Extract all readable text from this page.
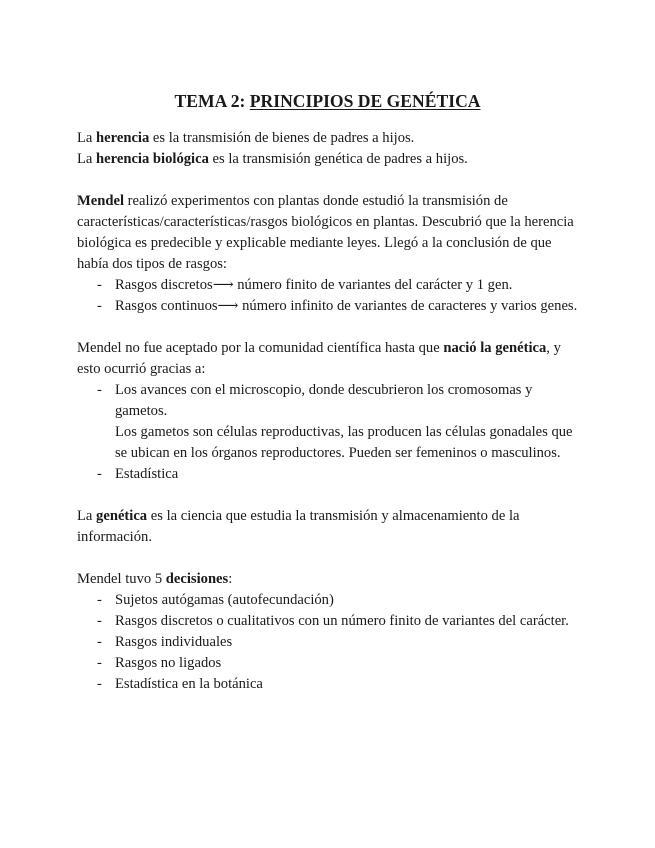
TEMA 2: PRINCIPIOS DE GENÉTICA

La herencia es la transmisión de bienes de padres a hijos.

La herencia biológica es la transmisión genética de padres a hijos.

Mendel realizó experimentos con plantas donde estudió la transmisión de características/características/rasgos biológicos en plantas. Descubrió que la herencia biológica es predecible y explicable mediante leyes. Llegó a la conclusión de que había dos tipos de rasgos:

- Rasgos discretos⟶ número finito de variantes del carácter y 1 gen.
- Rasgos continuos⟶ número infinito de variantes de caracteres y varios genes.

Mendel no fue aceptado por la comunidad científica hasta que nació la genética, y esto ocurrió gracias a:

- Los avances con el microscopio, donde descubrieron los cromosomas y gametos.

Los gametos son células reproductivas, las producen las células gonadales que se ubican en los órganos reproductores. Pueden ser femeninos o masculinos.

- Estadística

La genética es la ciencia que estudia la transmisión y almacenamiento de la información.

Mendel tuvo 5 decisiones:

- Sujetos autógamas (autofecundación)
- Rasgos discretos o cualitativos con un número finito de variantes del carácter.
- Rasgos individuales
- Rasgos no ligados
- Estadística en la botánica
